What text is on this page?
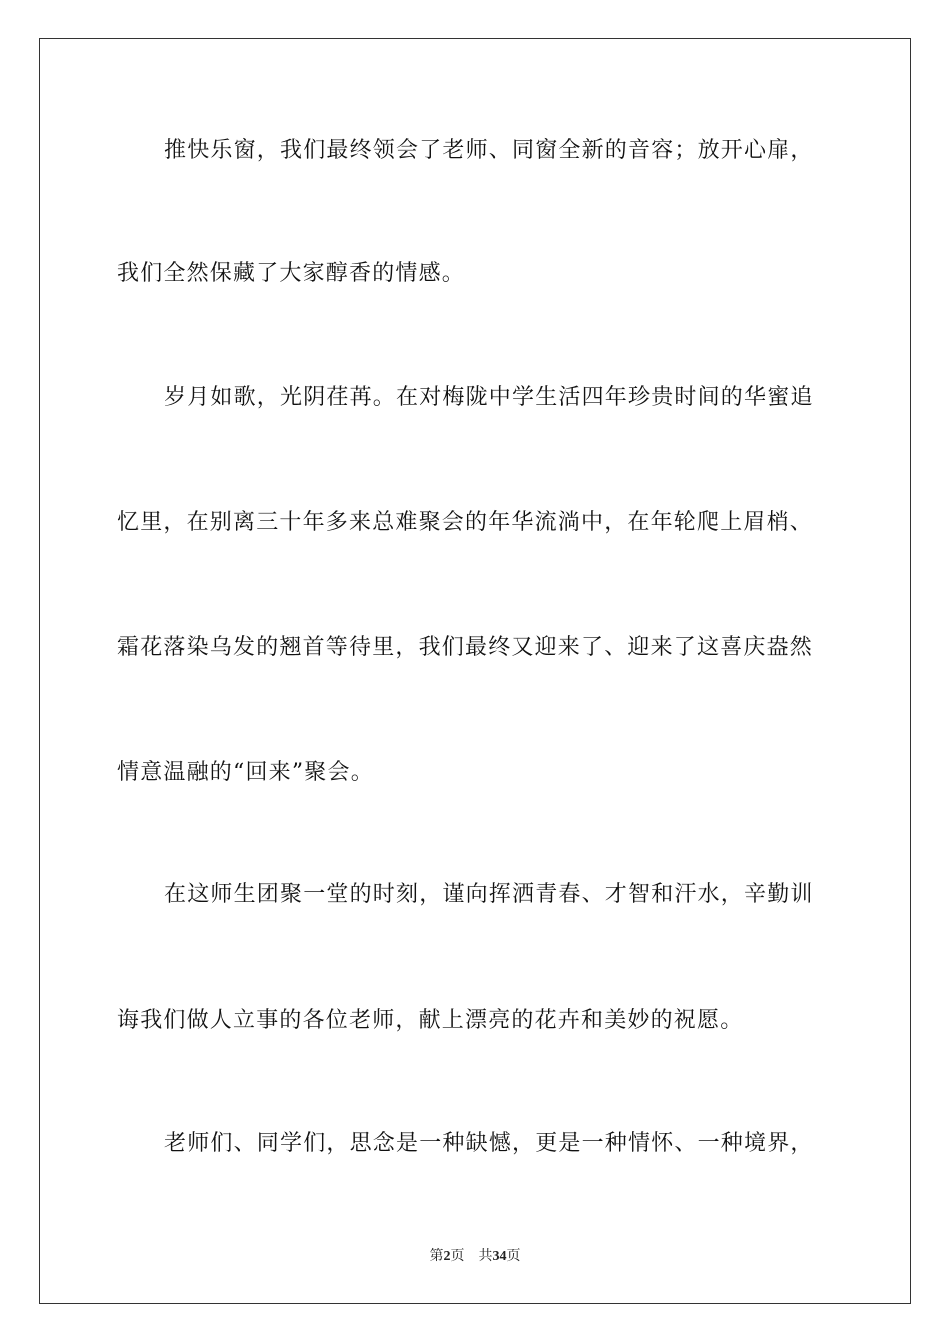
推快乐窗，我们最终领会了老师、同窗全新的音容；放开心扉，
我们全然保藏了大家醇香的情感。
岁月如歌，光阴荏苒。在对梅陇中学生活四年珍贵时间的华蜜追
忆里，在别离三十年多来总难聚会的年华流淌中，在年轮爬上眉梢、
霜花落染乌发的翘首等待里，我们最终又迎来了、迎来了这喜庆盎然
情意温融的“回来”聚会。
在这师生团聚一堂的时刻，谨向挥洒青春、才智和汗水，辛勤训
诲我们做人立事的各位老师，献上漂亮的花卉和美妙的祝愿。
老师们、同学们，思念是一种缺憾，更是一种情怀、一种境界，
第2页 共34页
